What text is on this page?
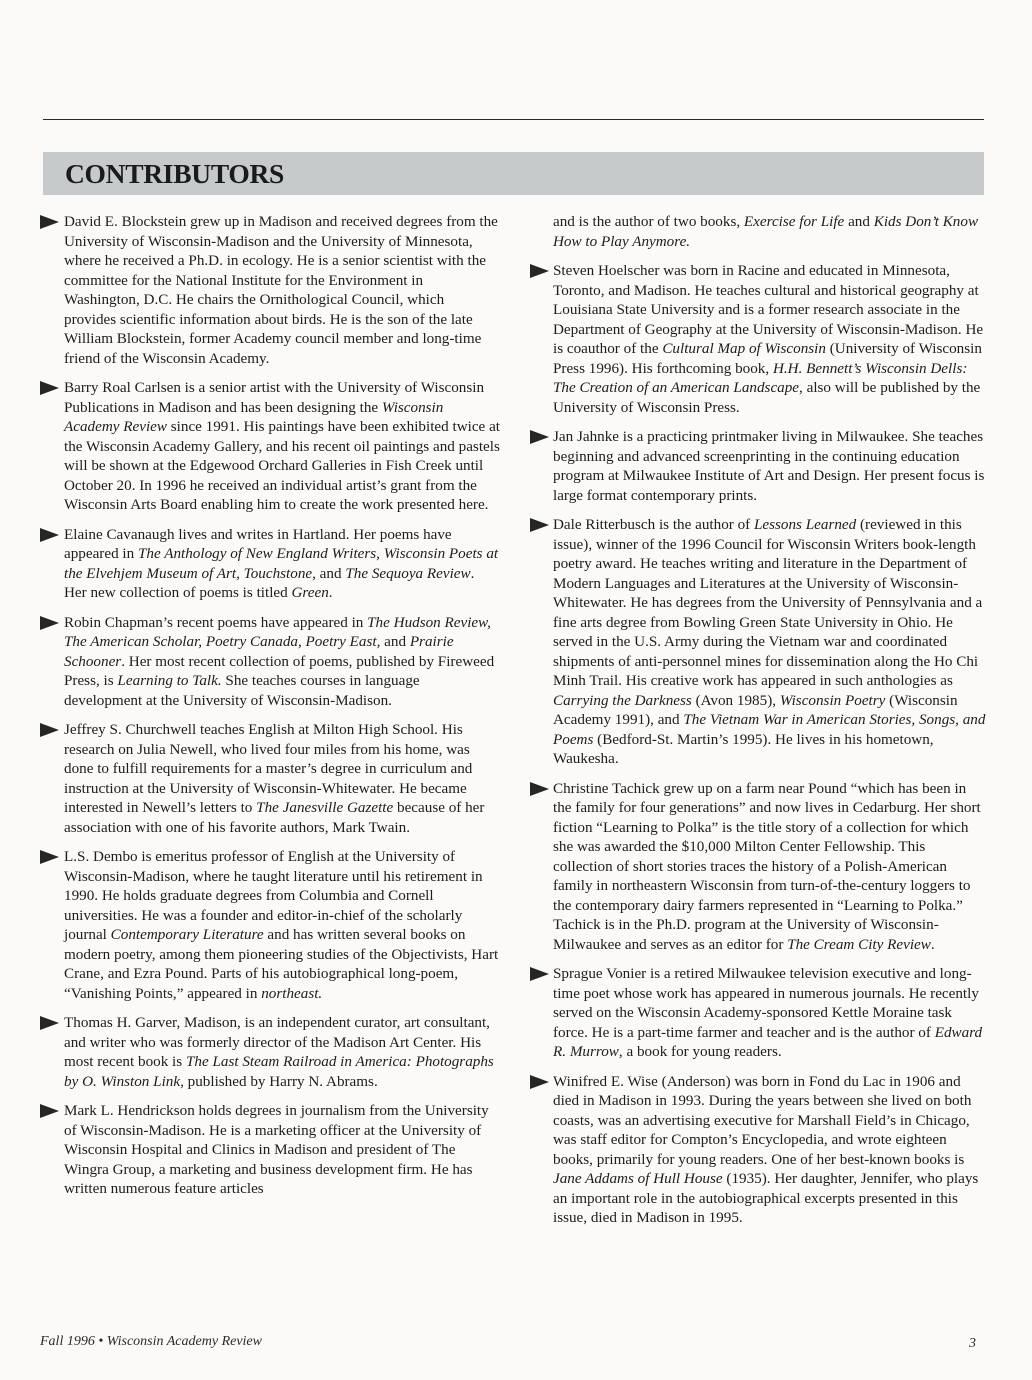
CONTRIBUTORS
David E. Blockstein grew up in Madison and received degrees from the University of Wisconsin-Madison and the University of Minnesota, where he received a Ph.D. in ecology. He is a senior scientist with the committee for the National Institute for the Environment in Washington, D.C. He chairs the Ornithological Council, which provides scientific information about birds. He is the son of the late William Blockstein, former Academy council member and long-time friend of the Wisconsin Academy.
Barry Roal Carlsen is a senior artist with the University of Wisconsin Publications in Madison and has been designing the Wisconsin Academy Review since 1991. His paintings have been exhibited twice at the Wisconsin Academy Gallery, and his recent oil paintings and pastels will be shown at the Edgewood Orchard Galleries in Fish Creek until October 20. In 1996 he received an individual artist’s grant from the Wisconsin Arts Board enabling him to create the work presented here.
Elaine Cavanaugh lives and writes in Hartland. Her poems have appeared in The Anthology of New England Writers, Wisconsin Poets at the Elvehjem Museum of Art, Touchstone, and The Sequoya Review. Her new collection of poems is titled Green.
Robin Chapman’s recent poems have appeared in The Hudson Review, The American Scholar, Poetry Canada, Poetry East, and Prairie Schooner. Her most recent collection of poems, published by Fireweed Press, is Learning to Talk. She teaches courses in language development at the University of Wisconsin-Madison.
Jeffrey S. Churchwell teaches English at Milton High School. His research on Julia Newell, who lived four miles from his home, was done to fulfill requirements for a master’s degree in curriculum and instruction at the University of Wisconsin-Whitewater. He became interested in Newell’s letters to The Janesville Gazette because of her association with one of his favorite authors, Mark Twain.
L.S. Dembo is emeritus professor of English at the University of Wisconsin-Madison, where he taught literature until his retirement in 1990. He holds graduate degrees from Columbia and Cornell universities. He was a founder and editor-in-chief of the scholarly journal Contemporary Literature and has written several books on modern poetry, among them pioneering studies of the Objectivists, Hart Crane, and Ezra Pound. Parts of his autobiographical long-poem, “Vanishing Points,” appeared in northeast.
Thomas H. Garver, Madison, is an independent curator, art consultant, and writer who was formerly director of the Madison Art Center. His most recent book is The Last Steam Railroad in America: Photographs by O. Winston Link, published by Harry N. Abrams.
Mark L. Hendrickson holds degrees in journalism from the University of Wisconsin-Madison. He is a marketing officer at the University of Wisconsin Hospital and Clinics in Madison and president of The Wingra Group, a marketing and business development firm. He has written numerous feature articles
and is the author of two books, Exercise for Life and Kids Don’t Know How to Play Anymore.
Steven Hoelscher was born in Racine and educated in Minnesota, Toronto, and Madison. He teaches cultural and historical geography at Louisiana State University and is a former research associate in the Department of Geography at the University of Wisconsin-Madison. He is coauthor of the Cultural Map of Wisconsin (University of Wisconsin Press 1996). His forthcoming book, H.H. Bennett’s Wisconsin Dells: The Creation of an American Landscape, also will be published by the University of Wisconsin Press.
Jan Jahnke is a practicing printmaker living in Milwaukee. She teaches beginning and advanced screenprinting in the continuing education program at Milwaukee Institute of Art and Design. Her present focus is large format contemporary prints.
Dale Ritterbusch is the author of Lessons Learned (reviewed in this issue), winner of the 1996 Council for Wisconsin Writers book-length poetry award. He teaches writing and literature in the Department of Modern Languages and Literatures at the University of Wisconsin-Whitewater. He has degrees from the University of Pennsylvania and a fine arts degree from Bowling Green State University in Ohio. He served in the U.S. Army during the Vietnam war and coordinated shipments of anti-personnel mines for dissemination along the Ho Chi Minh Trail. His creative work has appeared in such anthologies as Carrying the Darkness (Avon 1985), Wisconsin Poetry (Wisconsin Academy 1991), and The Vietnam War in American Stories, Songs, and Poems (Bedford-St. Martin’s 1995). He lives in his hometown, Waukesha.
Christine Tachick grew up on a farm near Pound “which has been in the family for four generations” and now lives in Cedarburg. Her short fiction “Learning to Polka” is the title story of a collection for which she was awarded the $10,000 Milton Center Fellowship. This collection of short stories traces the history of a Polish-American family in northeastern Wisconsin from turn-of-the-century loggers to the contemporary dairy farmers represented in “Learning to Polka.” Tachick is in the Ph.D. program at the University of Wisconsin-Milwaukee and serves as an editor for The Cream City Review.
Sprague Vonier is a retired Milwaukee television executive and long-time poet whose work has appeared in numerous journals. He recently served on the Wisconsin Academy-sponsored Kettle Moraine task force. He is a part-time farmer and teacher and is the author of Edward R. Murrow, a book for young readers.
Winifred E. Wise (Anderson) was born in Fond du Lac in 1906 and died in Madison in 1993. During the years between she lived on both coasts, was an advertising executive for Marshall Field’s in Chicago, was staff editor for Compton’s Encyclopedia, and wrote eighteen books, primarily for young readers. One of her best-known books is Jane Addams of Hull House (1935). Her daughter, Jennifer, who plays an important role in the autobiographical excerpts presented in this issue, died in Madison in 1995.
Fall 1996 • Wisconsin Academy Review	3
